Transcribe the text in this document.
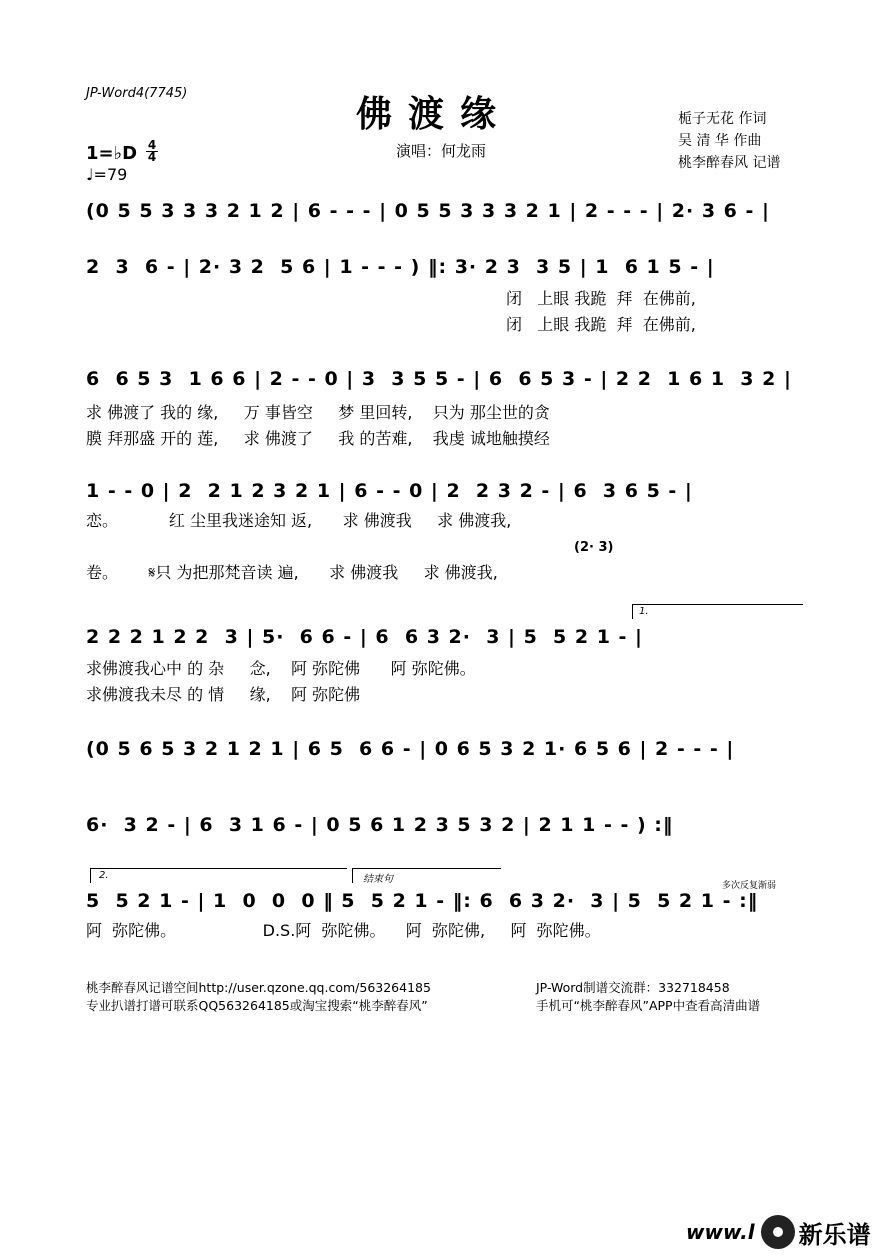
JP-Word4(7745)	佛渡缘
演唱：何龙雨
1=♭D 4
4
♩=79
栀子无花 作词
吴 清 华 作曲
桃李醉春风 记谱
(0 5 5 3 3 3 2 1 2 | 6 - - - | 0 5 5 3 3 3 2 1 | 2 - - - | 2· 3 6 - |
2  3  6 - | 2· 3 2  5 6 | 1 - - - ) ‖: 3· 2 3  3 5 | 1  6 1 5 - |
闭   上眼 我跪  拜  在佛前,
闭   上眼 我跪  拜  在佛前,
6  6 5 3  1 6 6 | 2 - - 0 | 3  3 5 5 - | 6  6 5 3 - | 2 2  1 6 1  3 2 |
求 佛渡了 我的 缘,     万 事皆空     梦 里回转,    只为 那尘世的贪
膜 拜那盛 开的 莲,     求 佛渡了     我 的苦难,    我虔 诚地触摸经
1 - - 0 | 2  2 1 2 3 2 1 | 6 - - 0 | 2  2 3 2 - | 6  3 6 5 - |
恋。          红 尘里我迷途知 返,      求 佛渡我     求 佛渡我,
(2· 3)
卷。      𝄋只 为把那梵音读 遍,      求 佛渡我     求 佛渡我,
1.
2 2 2 1 2 2  3 | 5·  6 6 - | 6  6 3 2·  3 | 5  5 2 1 - |
求佛渡我心中 的 杂     念,    阿 弥陀佛      阿 弥陀佛。
求佛渡我未尽 的 情     缘,    阿 弥陀佛
(0 5 6 5 3 2 1 2 1 | 6 5  6 6 - | 0 6 5 3 2 1· 6 5 6 | 2 - - - |
6·  3 2 - | 6  3 1 6 - | 0 5 6 1 2 3 5 3 2 | 2 1 1 - - ) :‖
2.	结束句
多次反复渐弱
5  5 2 1 - | 1  0  0  0 ‖ 5  5 2 1 - ‖: 6  6 3 2·  3 | 5  5 2 1 - :‖
阿  弥陀佛。                 D.S.阿  弥陀佛。    阿  弥陀佛,     阿  弥陀佛。
桃李醉春风记谱空间http://user.qzone.qq.com/563264185
专业扒谱打谱可联系QQ563264185或淘宝搜索“桃李醉春风”
JP-Word制谱交流群：332718458
手机可“桃李醉春风”APP中查看高清曲谱
www.l 新乐谱
